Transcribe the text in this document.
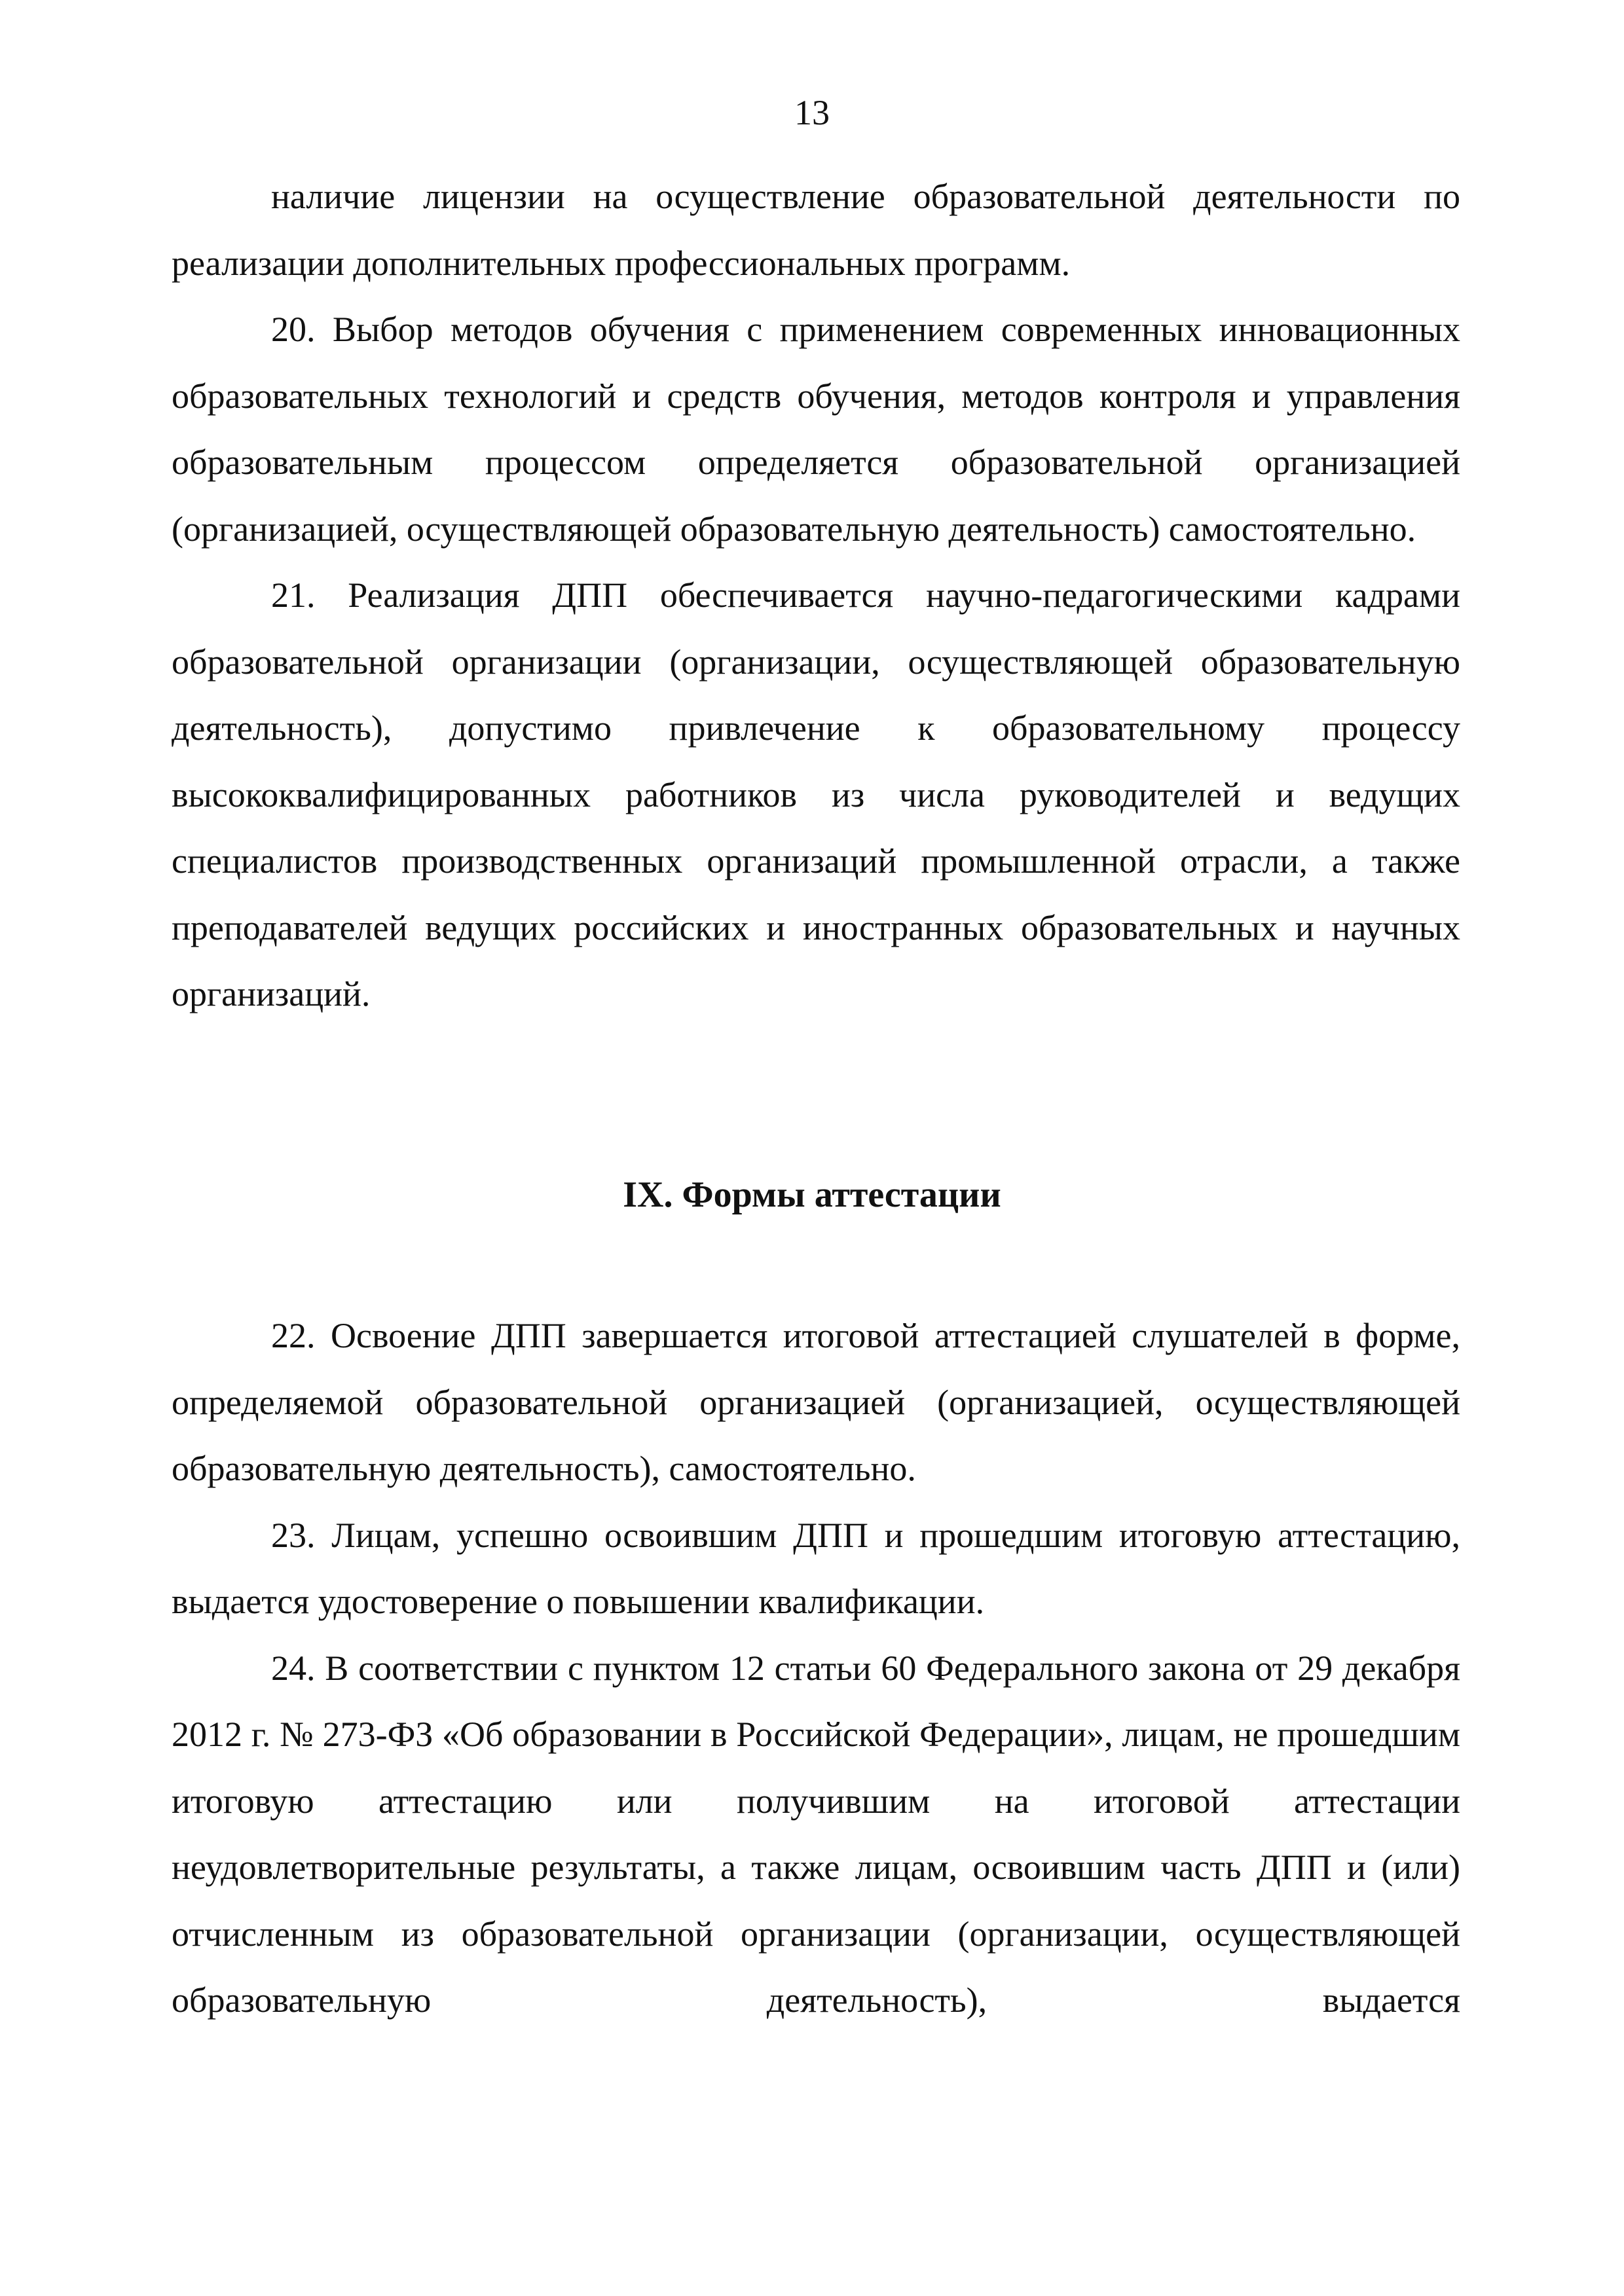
13

наличие лицензии на осуществление образовательной деятельности по реализации дополнительных профессиональных программ.

20. Выбор методов обучения с применением современных инновационных образовательных технологий и средств обучения, методов контроля и управления образовательным процессом определяется образовательной организацией (организацией, осуществляющей образовательную деятельность) самостоятельно.

21. Реализация ДПП обеспечивается научно-педагогическими кадрами образовательной организации (организации, осуществляющей образовательную деятельность), допустимо привлечение к образовательному процессу высококвалифицированных работников из числа руководителей и ведущих специалистов производственных организаций промышленной отрасли, а также преподавателей ведущих российских и иностранных образовательных и научных организаций.

IX. Формы аттестации

22. Освоение ДПП завершается итоговой аттестацией слушателей в форме, определяемой образовательной организацией (организацией, осуществляющей образовательную деятельность), самостоятельно.

23. Лицам, успешно освоившим ДПП и прошедшим итоговую аттестацию, выдается удостоверение о повышении квалификации.

24. В соответствии с пунктом 12 статьи 60 Федерального закона от 29 декабря 2012 г. № 273-ФЗ «Об образовании в Российской Федерации», лицам, не прошедшим итоговую аттестацию или получившим на итоговой аттестации неудовлетворительные результаты, а также лицам, освоившим часть ДПП и (или) отчисленным из образовательной организации (организации, осуществляющей образовательную деятельность), выдается
